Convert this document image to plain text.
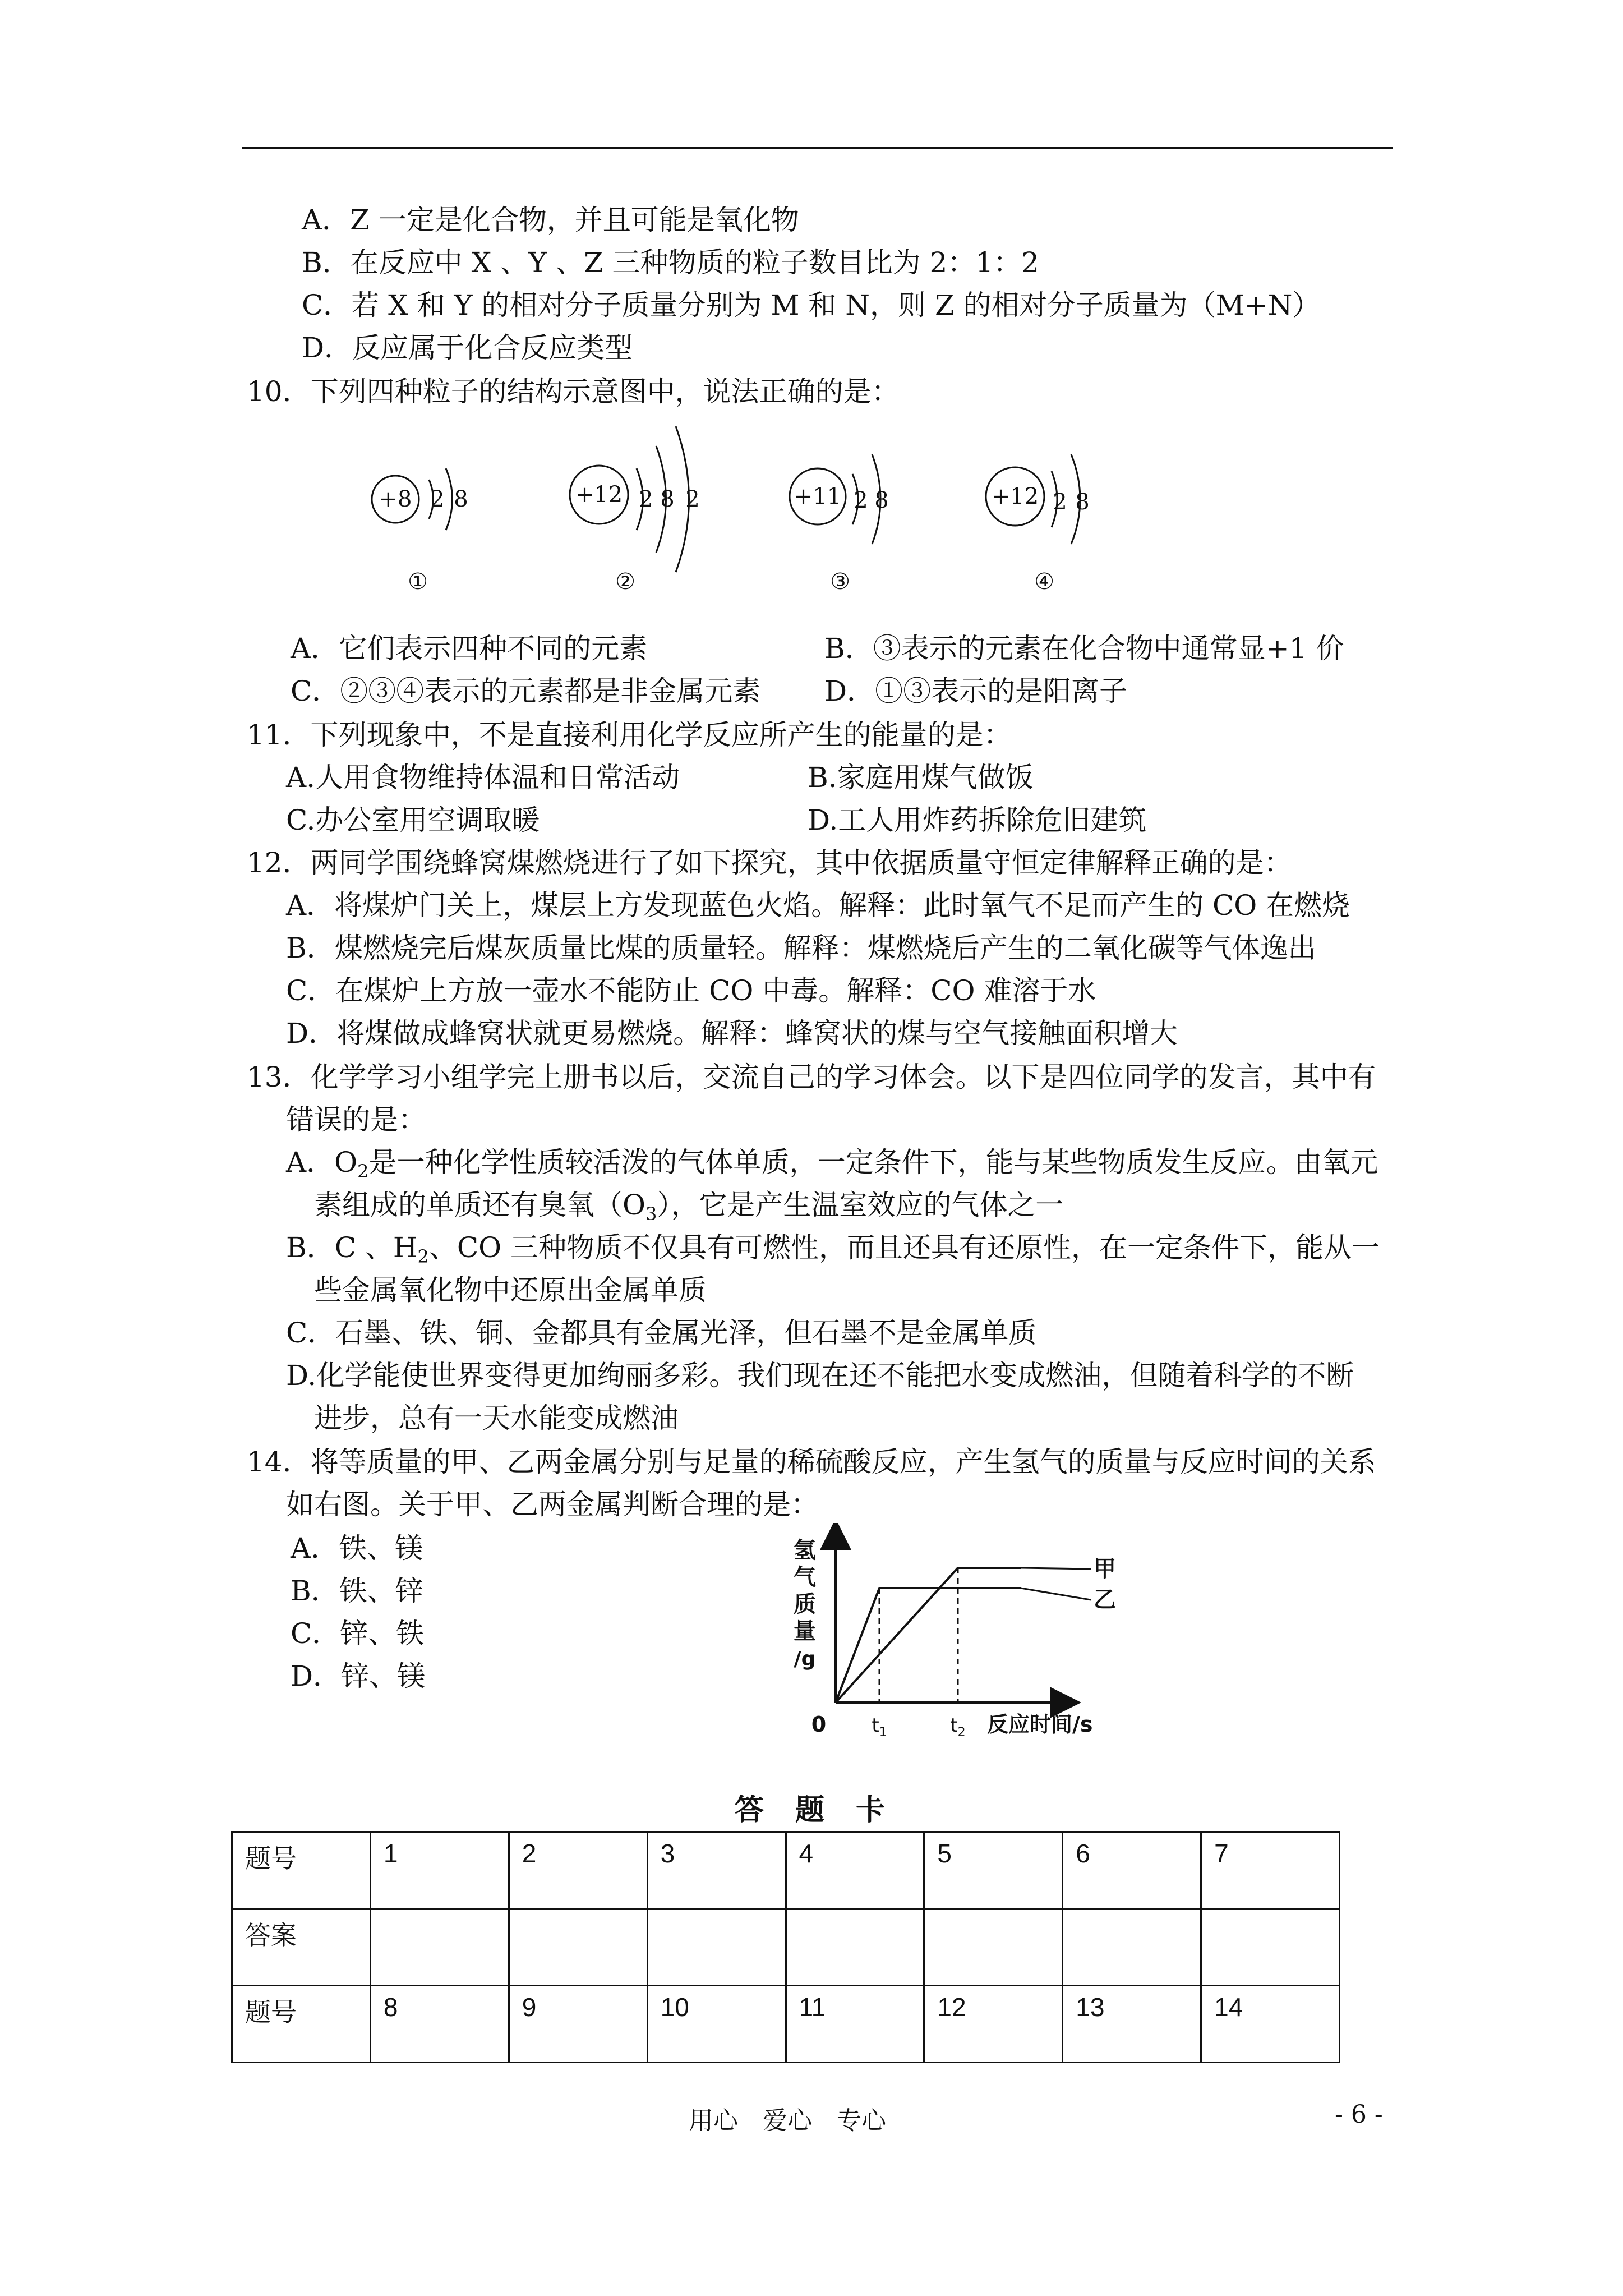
A．Z 一定是化合物，并且可能是氧化物
B．在反应中 X 、Y 、Z 三种物质的粒子数目比为 2：1：2
C．若 X 和 Y 的相对分子质量分别为 M 和 N，则 Z 的相对分子质量为（M+N）
D．反应属于化合反应类型
10．下列四种粒子的结构示意图中，说法正确的是：
+8 2 8
①
+12 2 8 2
②
+11 2 8
③
+12 2 8
④
A．它们表示四种不同的元素	B．③表示的元素在化合物中通常显+1 价
C．②③④表示的元素都是非金属元素 D．①③表示的是阳离子
11．下列现象中，不是直接利用化学反应所产生的能量的是：
A.人用食物维持体温和日常活动	B.家庭用煤气做饭
C.办公室用空调取暖	D.工人用炸药拆除危旧建筑
12．两同学围绕蜂窝煤燃烧进行了如下探究，其中依据质量守恒定律解释正确的是：
A．将煤炉门关上，煤层上方发现蓝色火焰。解释：此时氧气不足而产生的 CO 在燃烧
B．煤燃烧完后煤灰质量比煤的质量轻。解释：煤燃烧后产生的二氧化碳等气体逸出
C．在煤炉上方放一壶水不能防止 CO 中毒。解释：CO 难溶于水
D．将煤做成蜂窝状就更易燃烧。解释：蜂窝状的煤与空气接触面积增大
13．化学学习小组学完上册书以后，交流自己的学习体会。以下是四位同学的发言，其中有
错误的是：
A．$O_2$是一种化学性质较活泼的气体单质，一定条件下，能与某些物质发生反应。由氧元
素组成的单质还有臭氧$(O_3)$，它是产生温室效应的气体之一
B．C 、$H_2$、CO 三种物质不仅具有可燃性，而且还具有还原性，在一定条件下，能从一
些金属氧化物中还原出金属单质
C．石墨、铁、铜、金都具有金属光泽，但石墨不是金属单质
D.化学能使世界变得更加绚丽多彩。我们现在还不能把水变成燃油，但随着科学的不断
进步，总有一天水能变成燃油
14．将等质量的甲、乙两金属分别与足量的稀硫酸反应，产生氢气的质量与反应时间的关系
如右图。关于甲、乙两金属判断合理的是：
A．铁、镁
B．铁、锌
C．锌、铁
D．锌、镁
氢
气
质
量
/g
0 $t_1$	$t_2$ 反应时间/s
甲
乙
答　题　卡
题号	1	2	3	4	5	6	7
答案							
题号	8	9	10	11	12	13	14
用心　爱心　专心	- 6 -
